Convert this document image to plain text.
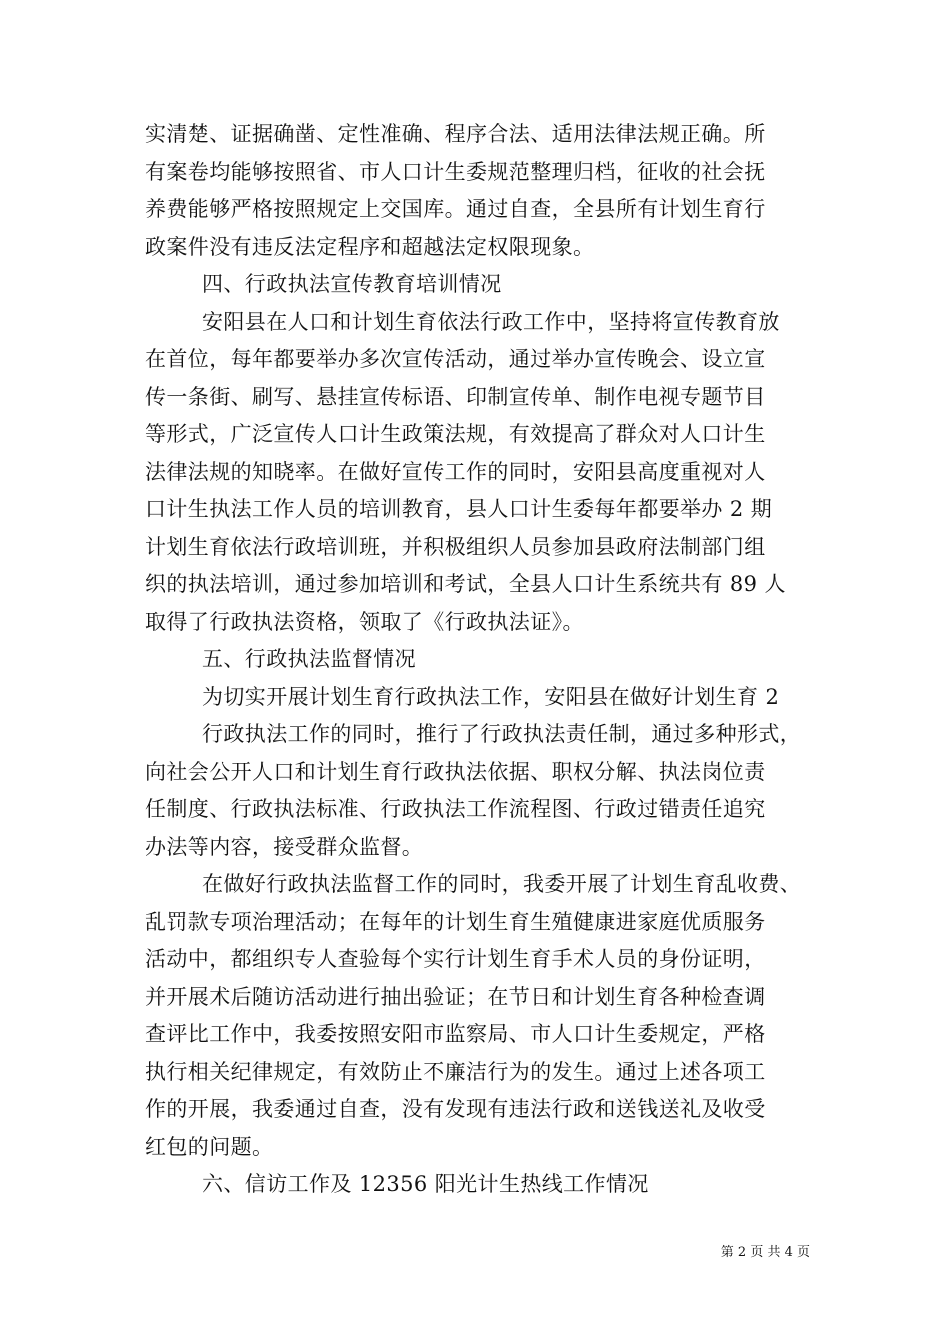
实清楚、证据确凿、定性准确、程序合法、适用法律法规正确。所
有案卷均能够按照省、市人口计生委规范整理归档，征收的社会抚
养费能够严格按照规定上交国库。通过自查，全县所有计划生育行
政案件没有违反法定程序和超越法定权限现象。
四、行政执法宣传教育培训情况
安阳县在人口和计划生育依法行政工作中，坚持将宣传教育放
在首位，每年都要举办多次宣传活动，通过举办宣传晚会、设立宣
传一条街、刷写、悬挂宣传标语、印制宣传单、制作电视专题节目
等形式，广泛宣传人口计生政策法规，有效提高了群众对人口计生
法律法规的知晓率。在做好宣传工作的同时，安阳县高度重视对人
口计生执法工作人员的培训教育，县人口计生委每年都要举办 2 期
计划生育依法行政培训班，并积极组织人员参加县政府法制部门组
织的执法培训，通过参加培训和考试，全县人口计生系统共有 89 人
取得了行政执法资格，领取了《行政执法证》。
五、行政执法监督情况
为切实开展计划生育行政执法工作，安阳县在做好计划生育 2
行政执法工作的同时，推行了行政执法责任制，通过多种形式，
向社会公开人口和计划生育行政执法依据、职权分解、执法岗位责
任制度、行政执法标准、行政执法工作流程图、行政过错责任追究
办法等内容，接受群众监督。
在做好行政执法监督工作的同时，我委开展了计划生育乱收费、
乱罚款专项治理活动；在每年的计划生育生殖健康进家庭优质服务
活动中，都组织专人查验每个实行计划生育手术人员的身份证明，
并开展术后随访活动进行抽出验证；在节日和计划生育各种检查调
查评比工作中，我委按照安阳市监察局、市人口计生委规定，严格
执行相关纪律规定，有效防止不廉洁行为的发生。通过上述各项工
作的开展，我委通过自查，没有发现有违法行政和送钱送礼及收受
红包的问题。
六、信访工作及 12356 阳光计生热线工作情况
第 2 页 共 4 页
